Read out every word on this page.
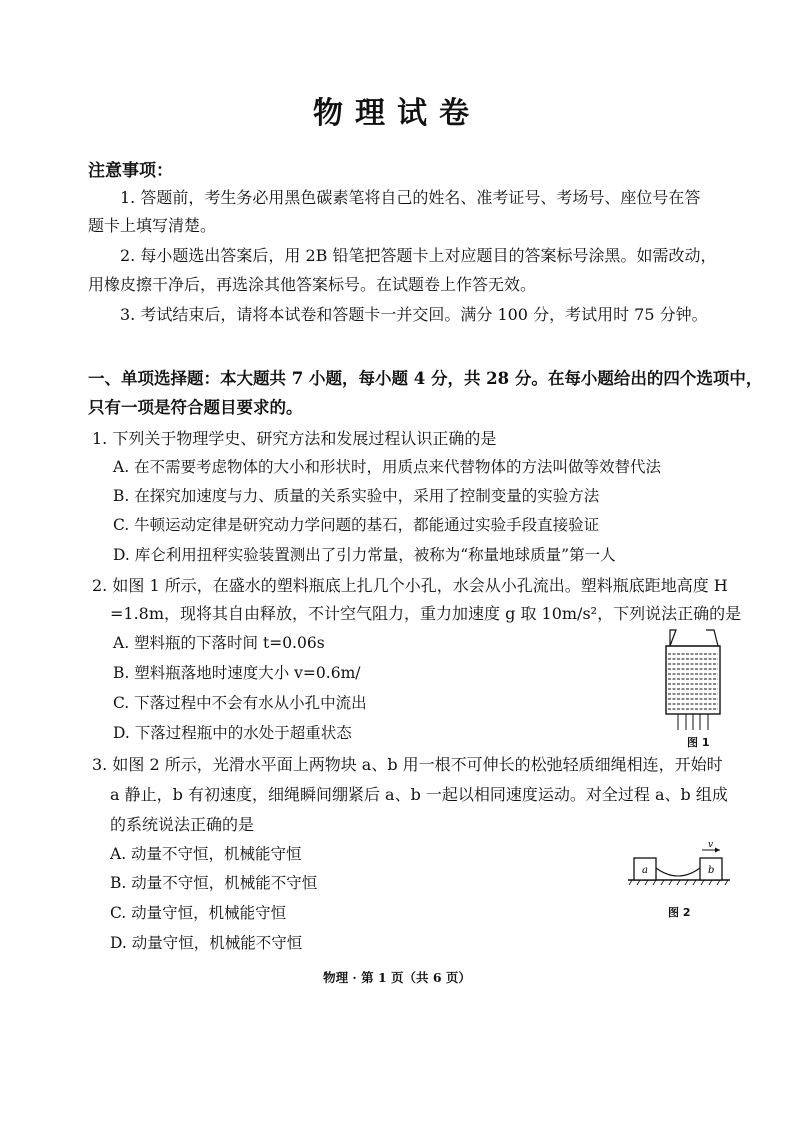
物理试卷
注意事项：
1. 答题前，考生务必用黑色碳素笔将自己的姓名、准考证号、考场号、座位号在答
题卡上填写清楚。
2. 每小题选出答案后，用 2B 铅笔把答题卡上对应题目的答案标号涂黑。如需改动，
用橡皮擦干净后，再选涂其他答案标号。在试题卷上作答无效。
3. 考试结束后，请将本试卷和答题卡一并交回。满分 100 分，考试用时 75 分钟。
一、单项选择题：本大题共 7 小题，每小题 4 分，共 28 分。在每小题给出的四个选项中，
只有一项是符合题目要求的。
1. 下列关于物理学史、研究方法和发展过程认识正确的是
A. 在不需要考虑物体的大小和形状时，用质点来代替物体的方法叫做等效替代法
B. 在探究加速度与力、质量的关系实验中，采用了控制变量的实验方法
C. 牛顿运动定律是研究动力学问题的基石，都能通过实验手段直接验证
D. 库仑利用扭秤实验装置测出了引力常量，被称为“称量地球质量”第一人
2. 如图 1 所示，在盛水的塑料瓶底上扎几个小孔，水会从小孔流出。塑料瓶底距地高度 H
=1.8m，现将其自由释放，不计空气阻力，重力加速度 g 取 10m/s²，下列说法正确的是
A. 塑料瓶的下落时间 t=0.06s
B. 塑料瓶落地时速度大小 v=0.6m/
C. 下落过程中不会有水从小孔中流出
D. 下落过程瓶中的水处于超重状态
图 1
3. 如图 2 所示，光滑水平面上两物块 a、b 用一根不可伸长的松弛轻质细绳相连，开始时
a 静止，b 有初速度，细绳瞬间绷紧后 a、b 一起以相同速度运动。对全过程 a、b 组成
的系统说法正确的是
A. 动量不守恒，机械能守恒
B. 动量不守恒，机械能不守恒
C. 动量守恒，机械能守恒
D. 动量守恒，机械能不守恒
a	b
v
图 2
物理 · 第 1 页（共 6 页）
